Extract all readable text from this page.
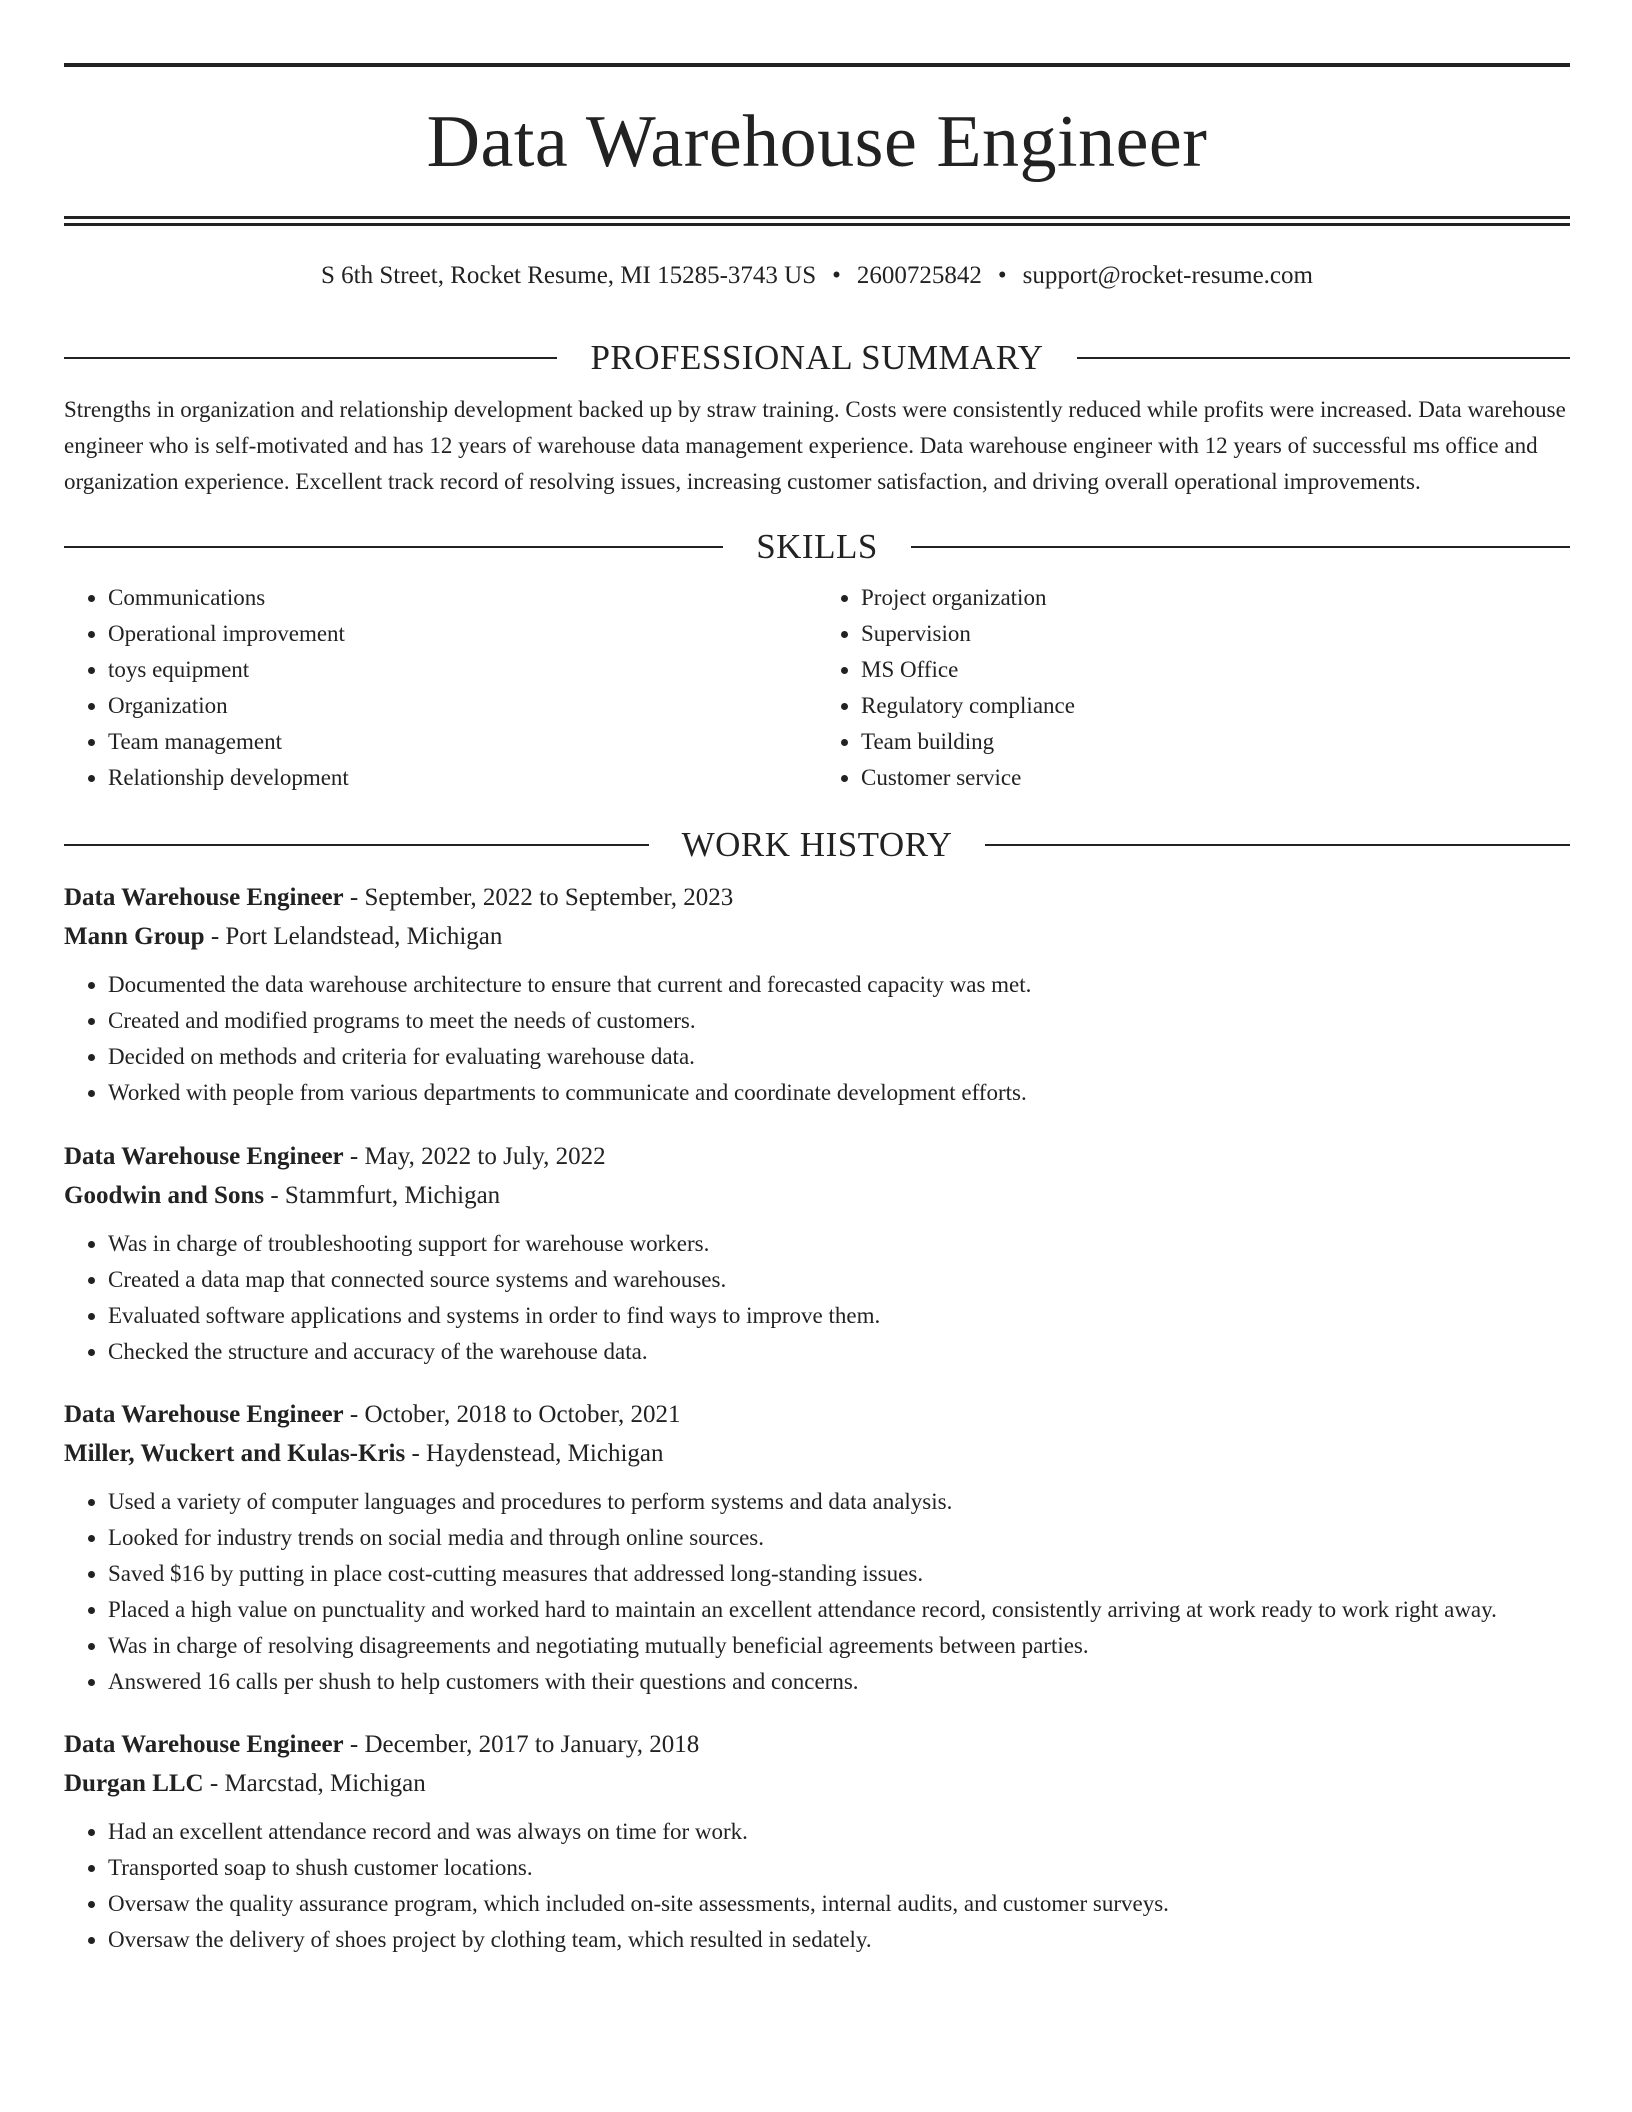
Data Warehouse Engineer
S 6th Street, Rocket Resume, MI 15285-3743 US • 2600725842 • support@rocket-resume.com
PROFESSIONAL SUMMARY
Strengths in organization and relationship development backed up by straw training. Costs were consistently reduced while profits were increased. Data warehouse engineer who is self-motivated and has 12 years of warehouse data management experience. Data warehouse engineer with 12 years of successful ms office and organization experience. Excellent track record of resolving issues, increasing customer satisfaction, and driving overall operational improvements.
SKILLS
• Communications
• Operational improvement
• toys equipment
• Organization
• Team management
• Relationship development
• Project organization
• Supervision
• MS Office
• Regulatory compliance
• Team building
• Customer service
WORK HISTORY
Data Warehouse Engineer - September, 2022 to September, 2023
Mann Group - Port Lelandstead, Michigan
• Documented the data warehouse architecture to ensure that current and forecasted capacity was met.
• Created and modified programs to meet the needs of customers.
• Decided on methods and criteria for evaluating warehouse data.
• Worked with people from various departments to communicate and coordinate development efforts.
Data Warehouse Engineer - May, 2022 to July, 2022
Goodwin and Sons - Stammfurt, Michigan
• Was in charge of troubleshooting support for warehouse workers.
• Created a data map that connected source systems and warehouses.
• Evaluated software applications and systems in order to find ways to improve them.
• Checked the structure and accuracy of the warehouse data.
Data Warehouse Engineer - October, 2018 to October, 2021
Miller, Wuckert and Kulas-Kris - Haydenstead, Michigan
• Used a variety of computer languages and procedures to perform systems and data analysis.
• Looked for industry trends on social media and through online sources.
• Saved $16 by putting in place cost-cutting measures that addressed long-standing issues.
• Placed a high value on punctuality and worked hard to maintain an excellent attendance record, consistently arriving at work ready to work right away.
• Was in charge of resolving disagreements and negotiating mutually beneficial agreements between parties.
• Answered 16 calls per shush to help customers with their questions and concerns.
Data Warehouse Engineer - December, 2017 to January, 2018
Durgan LLC - Marcstad, Michigan
• Had an excellent attendance record and was always on time for work.
• Transported soap to shush customer locations.
• Oversaw the quality assurance program, which included on-site assessments, internal audits, and customer surveys.
• Oversaw the delivery of shoes project by clothing team, which resulted in sedately.
